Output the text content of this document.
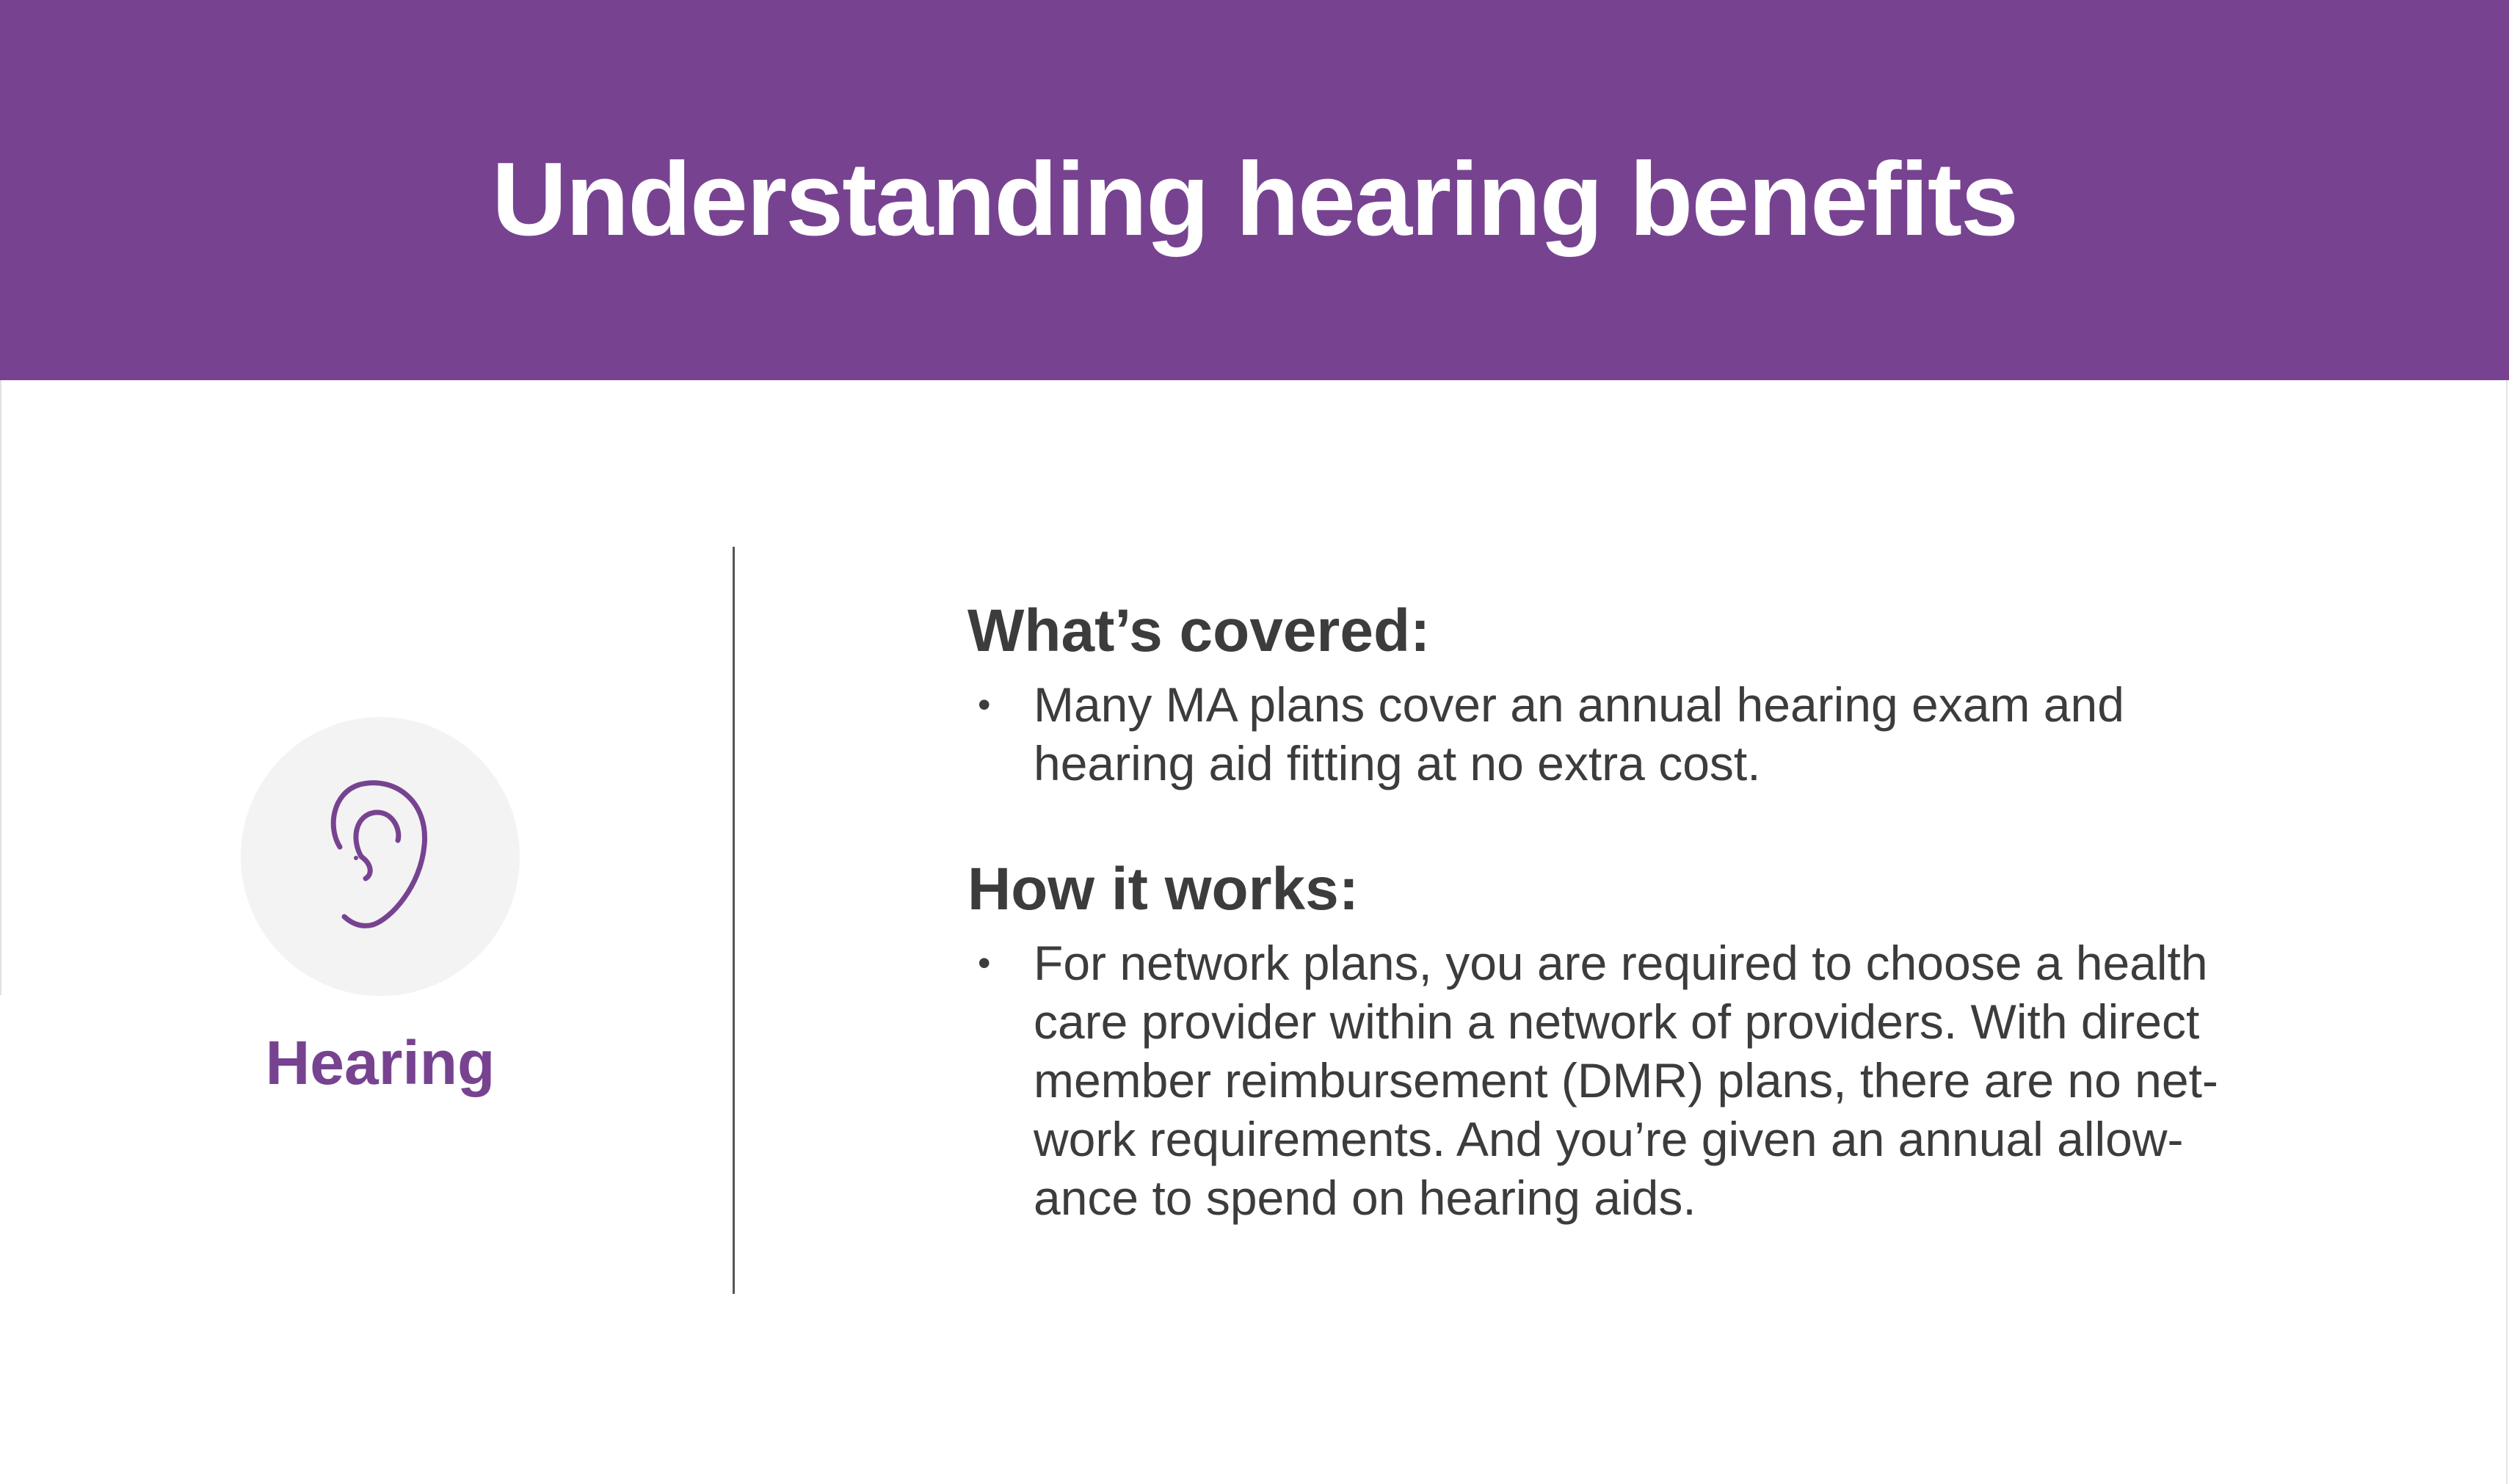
Understanding hearing benefits
Hearing
What’s covered:
• Many MA plans cover an annual hearing exam and
hearing aid fitting at no extra cost.
How it works:
• For network plans, you are required to choose a health
care provider within a network of providers. With direct
member reimbursement (DMR) plans, there are no net-
work requirements. And you’re given an annual allow-
ance to spend on hearing aids.
